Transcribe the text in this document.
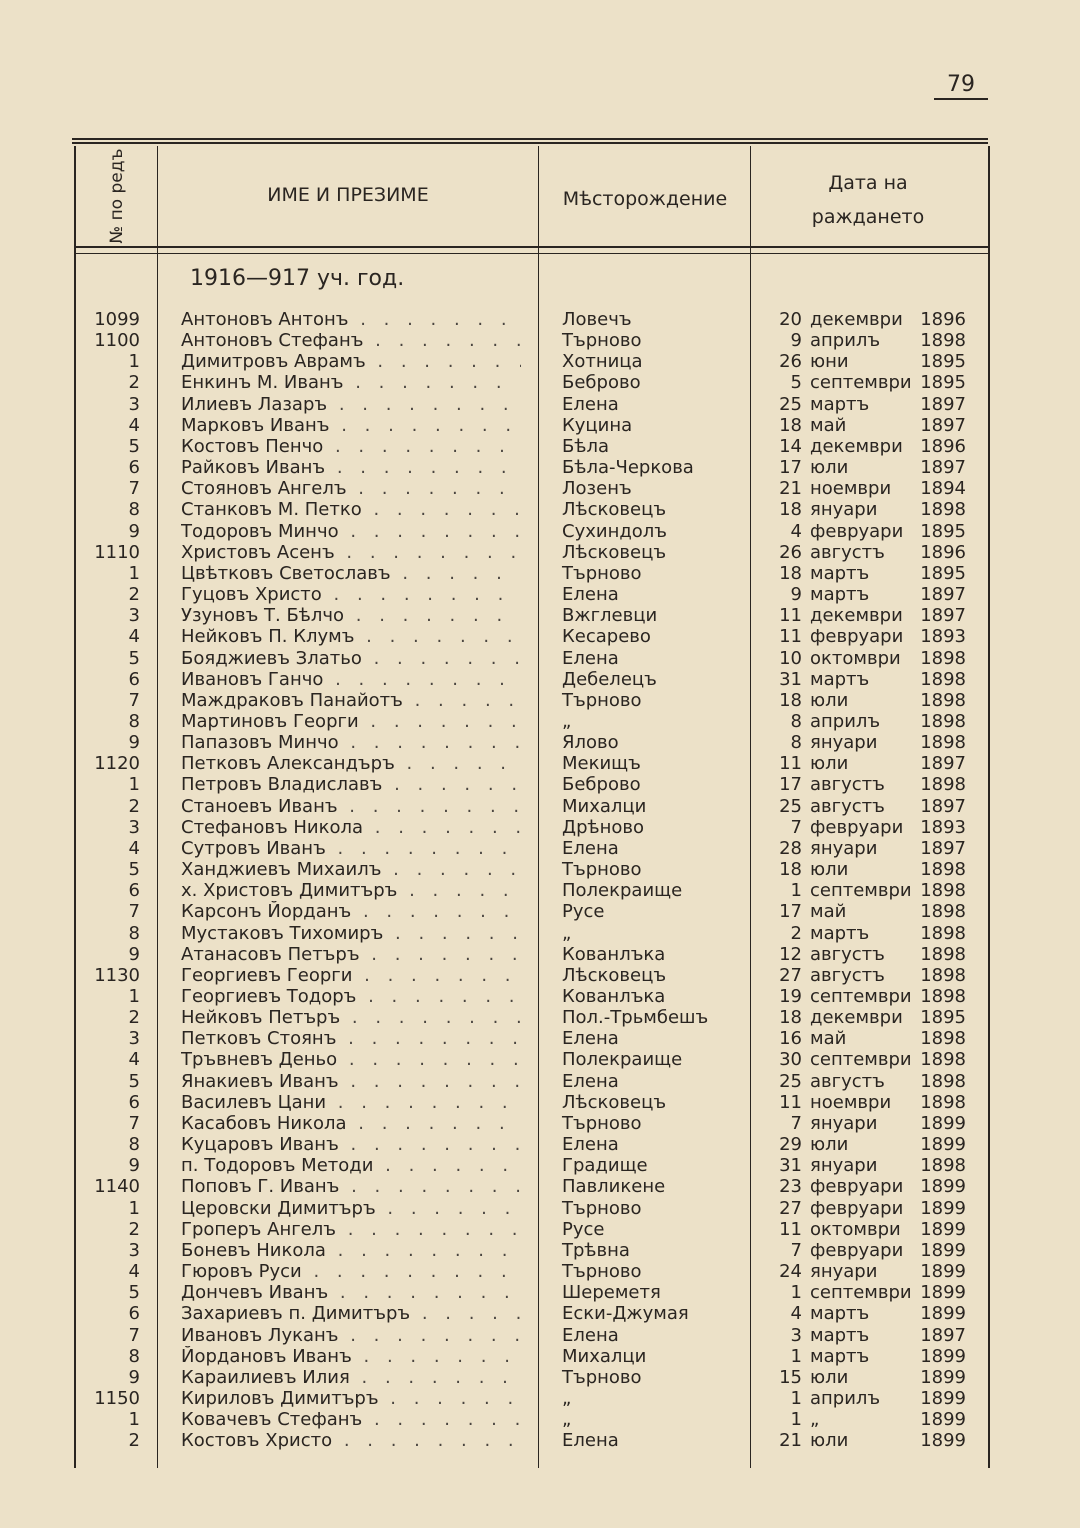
79
№ по редъ	ИМЕ И ПРЕЗИМЕ	Мѣсторождение
Дата на
раждането
1916—917 уч. год.
1099 Антоновъ Антонъ . .	Ловечъ	20 декември 1896
1100 Антоновъ Стефанъ . .	Търново	9 априлъ	1898
1 Димитровъ Аврамъ . .	Хотница	26 юни	1895
2 Енкинъ М. Иванъ . .	Беброво	5 септември 1895
3 Илиевъ Лазаръ . .	Елена	25 мартъ	1897
4 Марковъ Иванъ . .	Куцина	18 май	1897
5 Костовъ Пенчо . .	Бѣла	14 декември 1896
6 Райковъ Иванъ . .	Бѣла-Черкова	17 юли	1897
7 Стояновъ Ангелъ . .	Лозенъ	21 ноември	1894
8 Станковъ М. Петко . .	Лѣсковецъ	18 януари	1898
9 Тодоровъ Минчо . .	Сухиндолъ	4 февруари 1895
1110 Христовъ Асенъ . .	Лѣсковецъ	26 августъ	1896
1 Цвѣтковъ Светославъ . .	Търново	18 мартъ	1895
2 Гуцовъ Христо . .	Елена	9 мартъ	1897
3 Узуновъ Т. Бѣлчо . .	Вжглевци	11 декември 1897
4 Нейковъ П. Клумъ . .	Кесарево	11 февруари 1893
5 Бояджиевъ Златьо . .	Елена	10 октомври	1898
6 Ивановъ Ганчо . .	Дебелецъ	31 мартъ	1898
7 Маждраковъ Панайотъ . .	Търново	18 юли	1898
8 Мартиновъ Георги . .	„	8 априлъ	1898
9 Папазовъ Минчо . .	Ялово	8 януари	1898
1120 Петковъ Александъръ . .	Мекищъ	11 юли	1897
1 Петровъ Владиславъ . .	Беброво	17 августъ	1898
2 Станоевъ Иванъ . .	Михалци	25 августъ	1897
3 Стефановъ Никола . .	Дрѣново	7 февруари 1893
4 Сутровъ Иванъ . .	Елена	28 януари	1897
5 Ханджиевъ Михаилъ . .	Търново	18 юли	1898
6 х. Христовъ Димитъръ . .	Полекраище	1 септември 1898
7 Карсонъ Йорданъ . .	Русе	17 май	1898
8 Мустаковъ Тихомиръ . .	„	2 мартъ	1898
9 Атанасовъ Петъръ . .	Кованлъка	12 августъ	1898
1130 Георгиевъ Георги . .	Лѣсковецъ	27 августъ	1898
1 Георгиевъ Тодоръ . .	Кованлъка	19 септември 1898
2 Нейковъ Петъръ . .	Пол.-Трьмбешъ	18 декември 1895
3 Петковъ Стоянъ . .	Елена	16 май	1898
4 Тръвневъ Деньо . .	Полекраище	30 септември 1898
5 Янакиевъ Иванъ . .	Елена	25 августъ	1898
6 Василевъ Цани . .	Лѣсковецъ	11 ноември	1898
7 Касабовъ Никола . .	Търново	7 януари	1899
8 Куцаровъ Иванъ . .	Елена	29 юли	1899
9 п. Тодоровъ Методи . .	Градище	31 януари	1898
1140 Поповъ Г. Иванъ . .	Павликене	23 февруари 1899
1 Церовски Димитъръ . .	Търново	27 февруари 1899
2 Гроперъ Ангелъ . .	Русе	11 октомври	1899
3 Боневъ Никола . .	Трѣвна	7 февруари 1899
4 Гюровъ Руси . .	Търново	24 януари	1899
5 Дончевъ Иванъ . .	Шереметя	1 септември 1899
6 Захариевъ п. Димитъръ . .	Ески-Джумая	4 мартъ	1899
7 Ивановъ Луканъ . .	Елена	3 мартъ	1897
8 Йордановъ Иванъ . .	Михалци	1 мартъ	1899
9 Караилиевъ Илия . .	Търново	15 юли	1899
1150 Кириловъ Димитъръ . .	„	1 априлъ	1899
1 Ковачевъ Стефанъ . .	„	1 „	1899
2 Костовъ Христо . .	Елена	21 юли	1899
